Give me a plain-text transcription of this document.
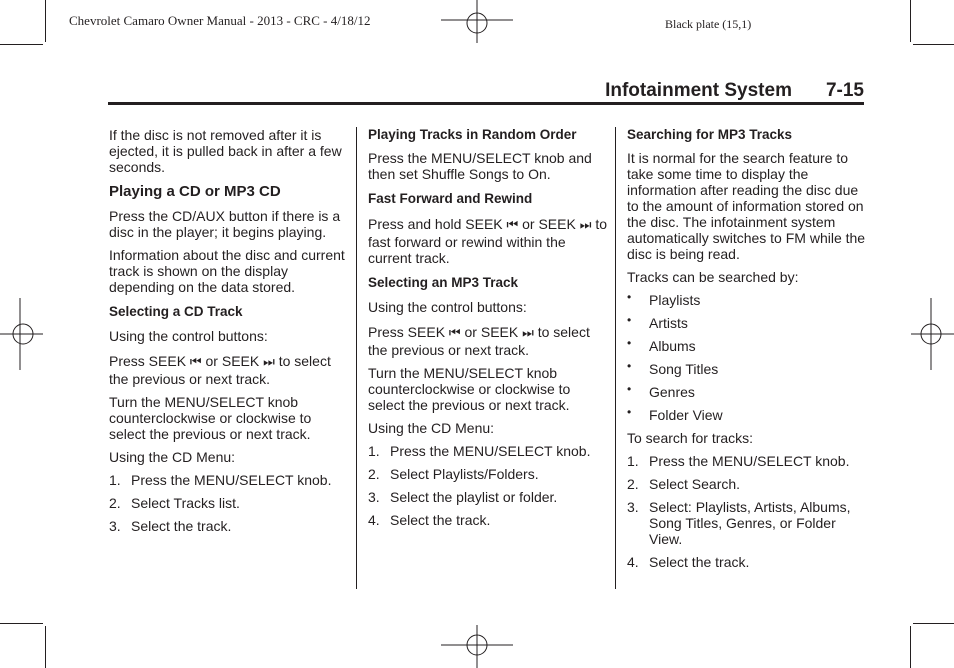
Chevrolet Camaro Owner Manual - 2013 - CRC - 4/18/12	Black plate (15,1)
Infotainment System 7-15

If the disc is not removed after it is ejected, it is pulled back in after a few seconds.

Playing a CD or MP3 CD

Press the CD/AUX button if there is a disc in the player; it begins playing.

Information about the disc and current track is shown on the display depending on the data stored.

Selecting a CD Track

Using the control buttons:

Press SEEK ⏮ or SEEK ⏭ to select the previous or next track.

Turn the MENU/SELECT knob counterclockwise or clockwise to select the previous or next track.

Using the CD Menu:

1. Press the MENU/SELECT knob.
2. Select Tracks list.
3. Select the track.

Playing Tracks in Random Order

Press the MENU/SELECT knob and then set Shuffle Songs to On.

Fast Forward and Rewind

Press and hold SEEK ⏮ or SEEK ⏭ to fast forward or rewind within the current track.

Selecting an MP3 Track

Using the control buttons:

Press SEEK ⏮ or SEEK ⏭ to select the previous or next track.

Turn the MENU/SELECT knob counterclockwise or clockwise to select the previous or next track.

Using the CD Menu:

1. Press the MENU/SELECT knob.
2. Select Playlists/Folders.
3. Select the playlist or folder.
4. Select the track.

Searching for MP3 Tracks

It is normal for the search feature to take some time to display the information after reading the disc due to the amount of information stored on the disc. The infotainment system automatically switches to FM while the disc is being read.

Tracks can be searched by:

• Playlists
• Artists
• Albums
• Song Titles
• Genres
• Folder View

To search for tracks:

1. Press the MENU/SELECT knob.
2. Select Search.
3. Select: Playlists, Artists, Albums, Song Titles, Genres, or Folder View.
4. Select the track.
